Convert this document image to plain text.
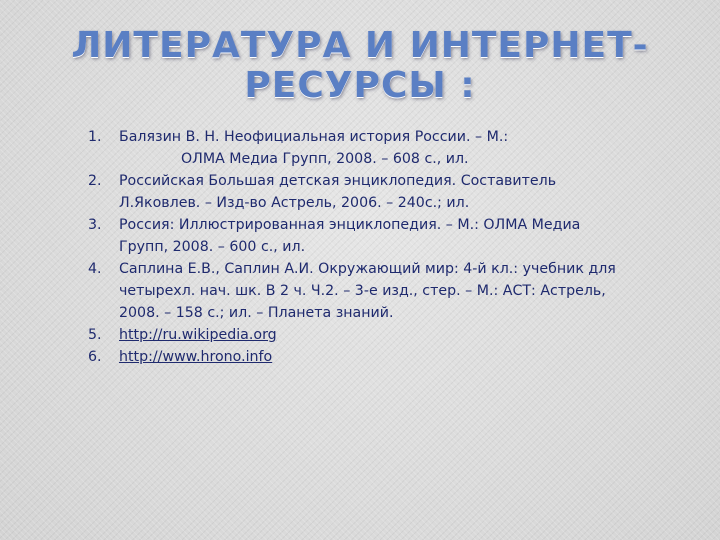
ЛИТЕРАТУРА И ИНТЕРНЕТ-РЕСУРСЫ :
1.	Балязин В. Н. Неофициальная история России. – М.:
ОЛМА Медиа Групп, 2008. – 608 с., ил.
2.	Российская Большая детская энциклопедия. Составитель
Л.Яковлев. – Изд-во Астрель, 2006. – 240с.; ил.
3.	Россия: Иллюстрированная энциклопедия. – М.: ОЛМА Медиа
Групп, 2008. – 600 с., ил.
4.	Саплина Е.В., Саплин А.И. Окружающий мир: 4-й кл.: учебник для
четырехл. нач. шк. В 2 ч. Ч.2. – 3-е изд., стер. – М.: АСТ: Астрель,
2008. – 158 с.; ил. – Планета знаний.
5.	http://ru.wikipedia.org
6.	http://www.hrono.info
